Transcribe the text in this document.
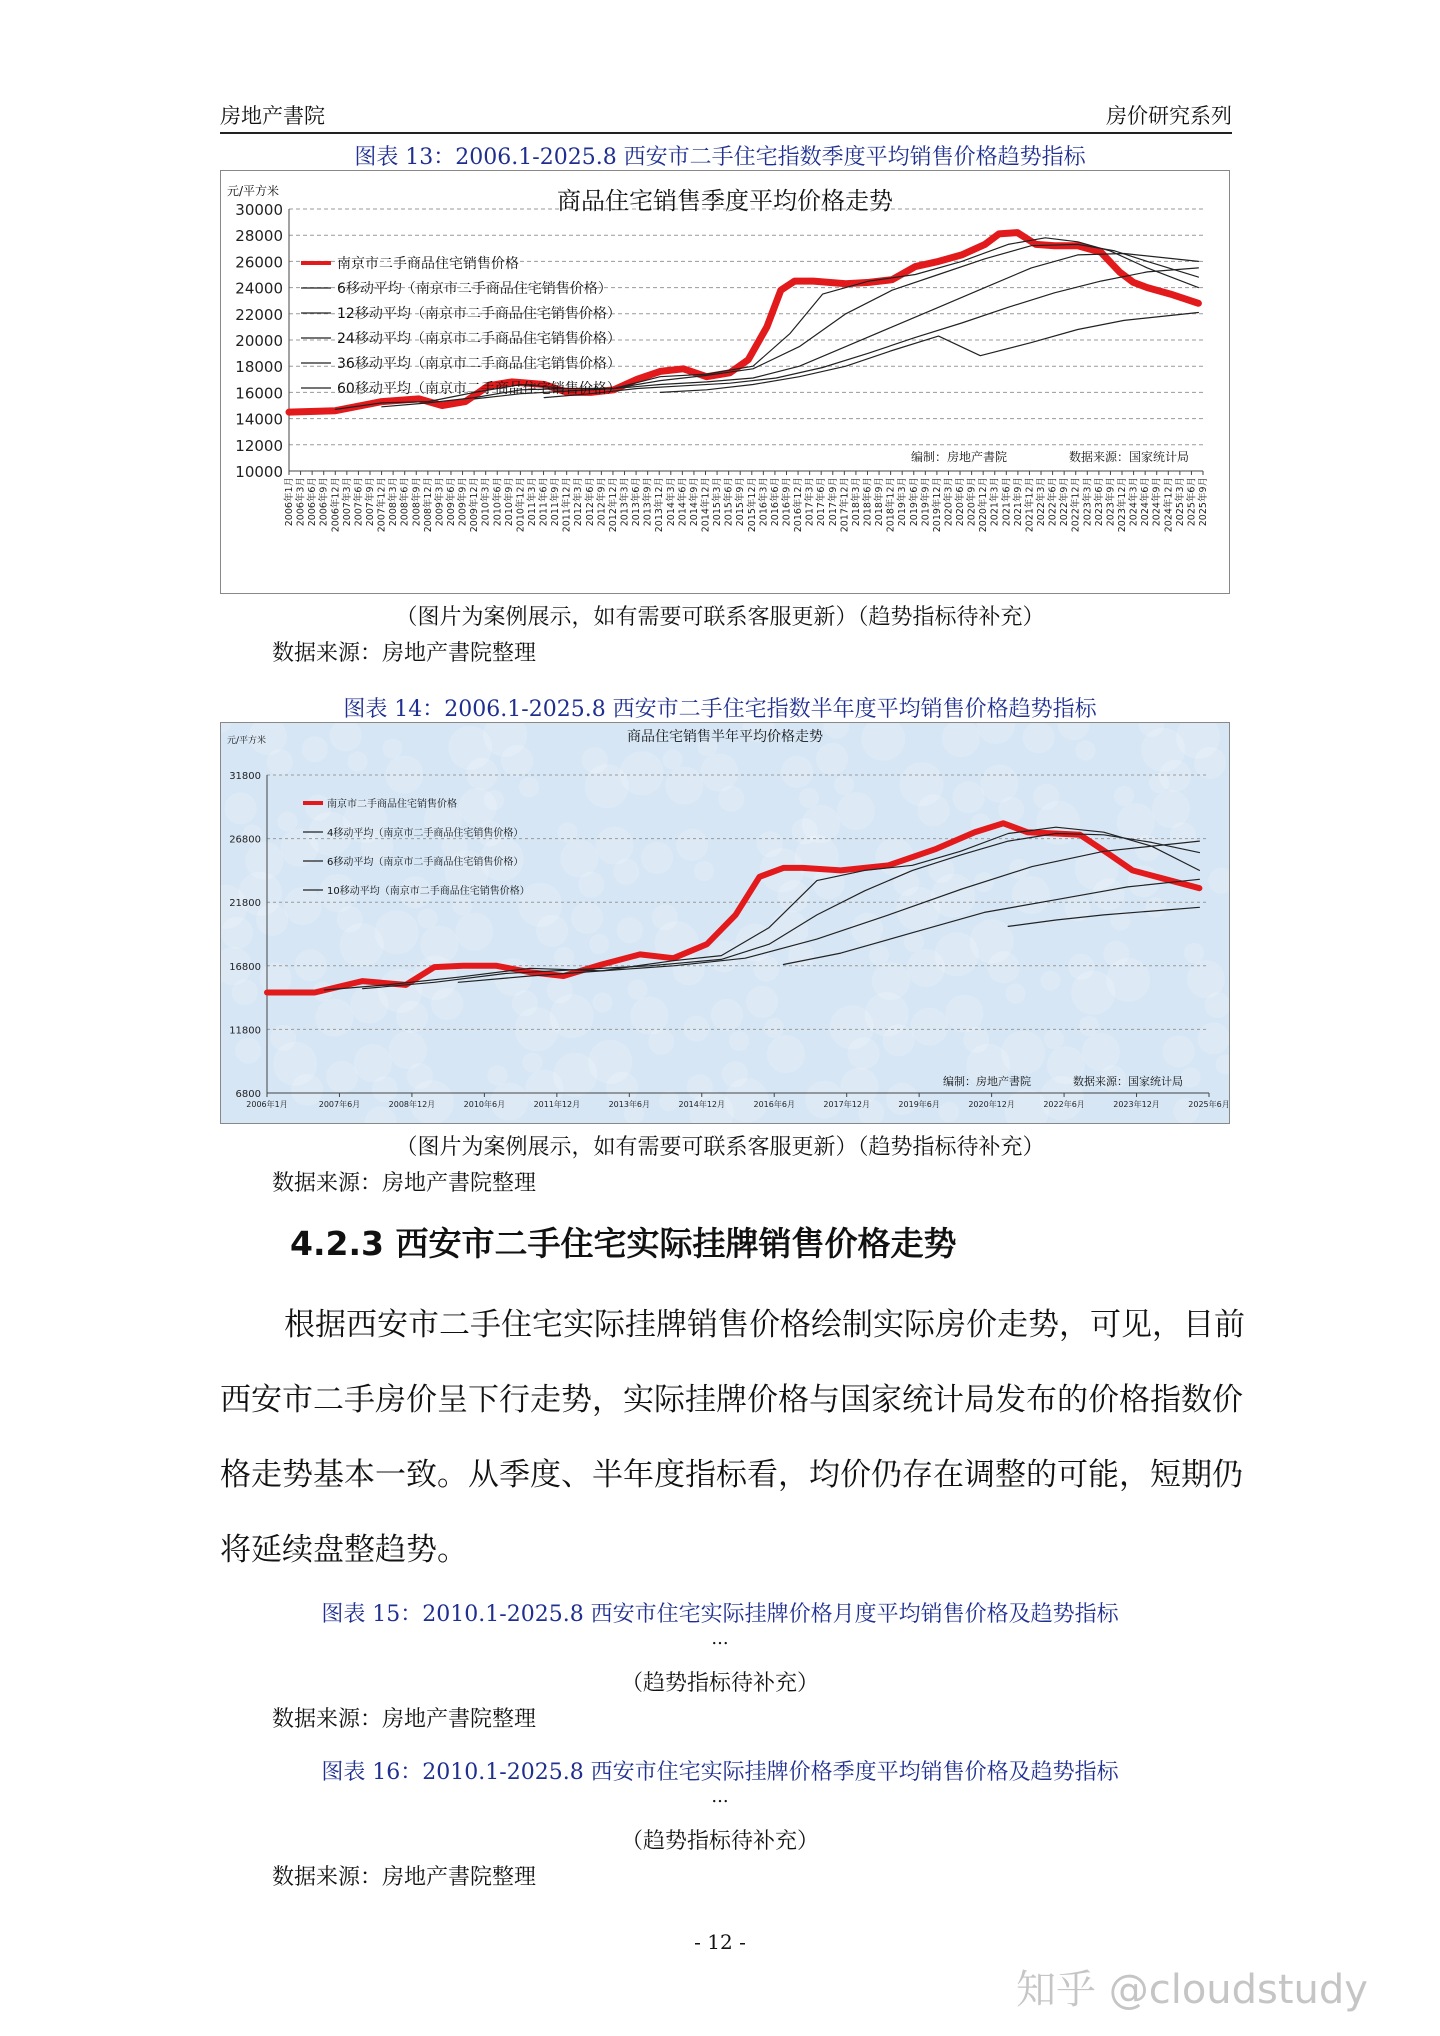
房地产書院	房价研究系列
图表 13：2006.1-2025.8 西安市二手住宅指数季度平均销售价格趋势指标
10000
12000
14000
16000
18000
20000
22000
24000
26000
28000
30000
2006年1月 2006年3月 2006年6月 2006年9月 2006年12月 2007年3月 2007年6月 2007年9月 2007年12月 2008年3月 2008年6月 2008年9月 2008年12月 2009年3月 2009年6月 2009年9月 2009年12月 2010年3月 2010年6月 2010年9月 2010年12月 2011年3月 2011年6月 2011年9月 2011年12月 2012年3月 2012年6月 2012年9月 2012年12月 2013年3月 2013年6月 2013年9月 2013年12月 2014年3月 2014年6月 2014年9月 2014年12月 2015年3月 2015年6月 2015年9月 2015年12月 2016年3月 2016年6月 2016年9月 2016年12月 2017年3月 2017年6月 2017年9月 2017年12月 2018年3月 2018年6月 2018年9月 2018年12月 2019年3月 2019年6月 2019年9月 2019年12月 2020年3月 2020年6月 2020年9月 2020年12月 2021年3月 2021年6月 2021年9月 2021年12月 2022年3月 2022年6月 2022年9月 2022年12月 2023年3月 2023年6月 2023年9月 2023年12月 2024年3月 2024年6月 2024年9月 2024年12月 2025年3月 2025年6月 2025年9月
商品住宅销售季度平均价格走势
元/平方米
南京市二手商品住宅销售价格
6移动平均（南京市二手商品住宅销售价格）
12移动平均（南京市二手商品住宅销售价格）
24移动平均（南京市二手商品住宅销售价格）
36移动平均（南京市二手商品住宅销售价格）
60移动平均（南京市二手商品住宅销售价格）
编制：房地产書院	数据来源：国家统计局
（图片为案例展示，如有需要可联系客服更新）（趋势指标待补充）
数据来源：房地产書院整理
图表 14：2006.1-2025.8 西安市二手住宅指数半年度平均销售价格趋势指标
6800
11800
16800
21800
26800
31800
2006年1月	2007年6月	2008年12月	2010年6月	2011年12月	2013年6月	2014年12月	2016年6月	2017年12月	2019年6月	2020年12月	2022年6月	2023年12月	2025年6月
商品住宅销售半年平均价格走势
元/平方米
南京市二手商品住宅销售价格
4移动平均（南京市二手商品住宅销售价格）
6移动平均（南京市二手商品住宅销售价格）
10移动平均（南京市二手商品住宅销售价格）
编制：房地产書院	数据来源：国家统计局
（图片为案例展示，如有需要可联系客服更新）（趋势指标待补充）
数据来源：房地产書院整理
4.2.3 西安市二手住宅实际挂牌销售价格走势
根据西安市二手住宅实际挂牌销售价格绘制实际房价走势，可见，目前西安市二手房价呈下行走势，实际挂牌价格与国家统计局发布的价格指数价格走势基本一致。从季度、半年度指标看，均价仍存在调整的可能，短期仍将延续盘整趋势。
图表 15：2010.1-2025.8 西安市住宅实际挂牌价格月度平均销售价格及趋势指标
...
（趋势指标待补充）
数据来源：房地产書院整理
图表 16：2010.1-2025.8 西安市住宅实际挂牌价格季度平均销售价格及趋势指标
...
（趋势指标待补充）
数据来源：房地产書院整理
- 12 -
知乎 @cloudstudy
